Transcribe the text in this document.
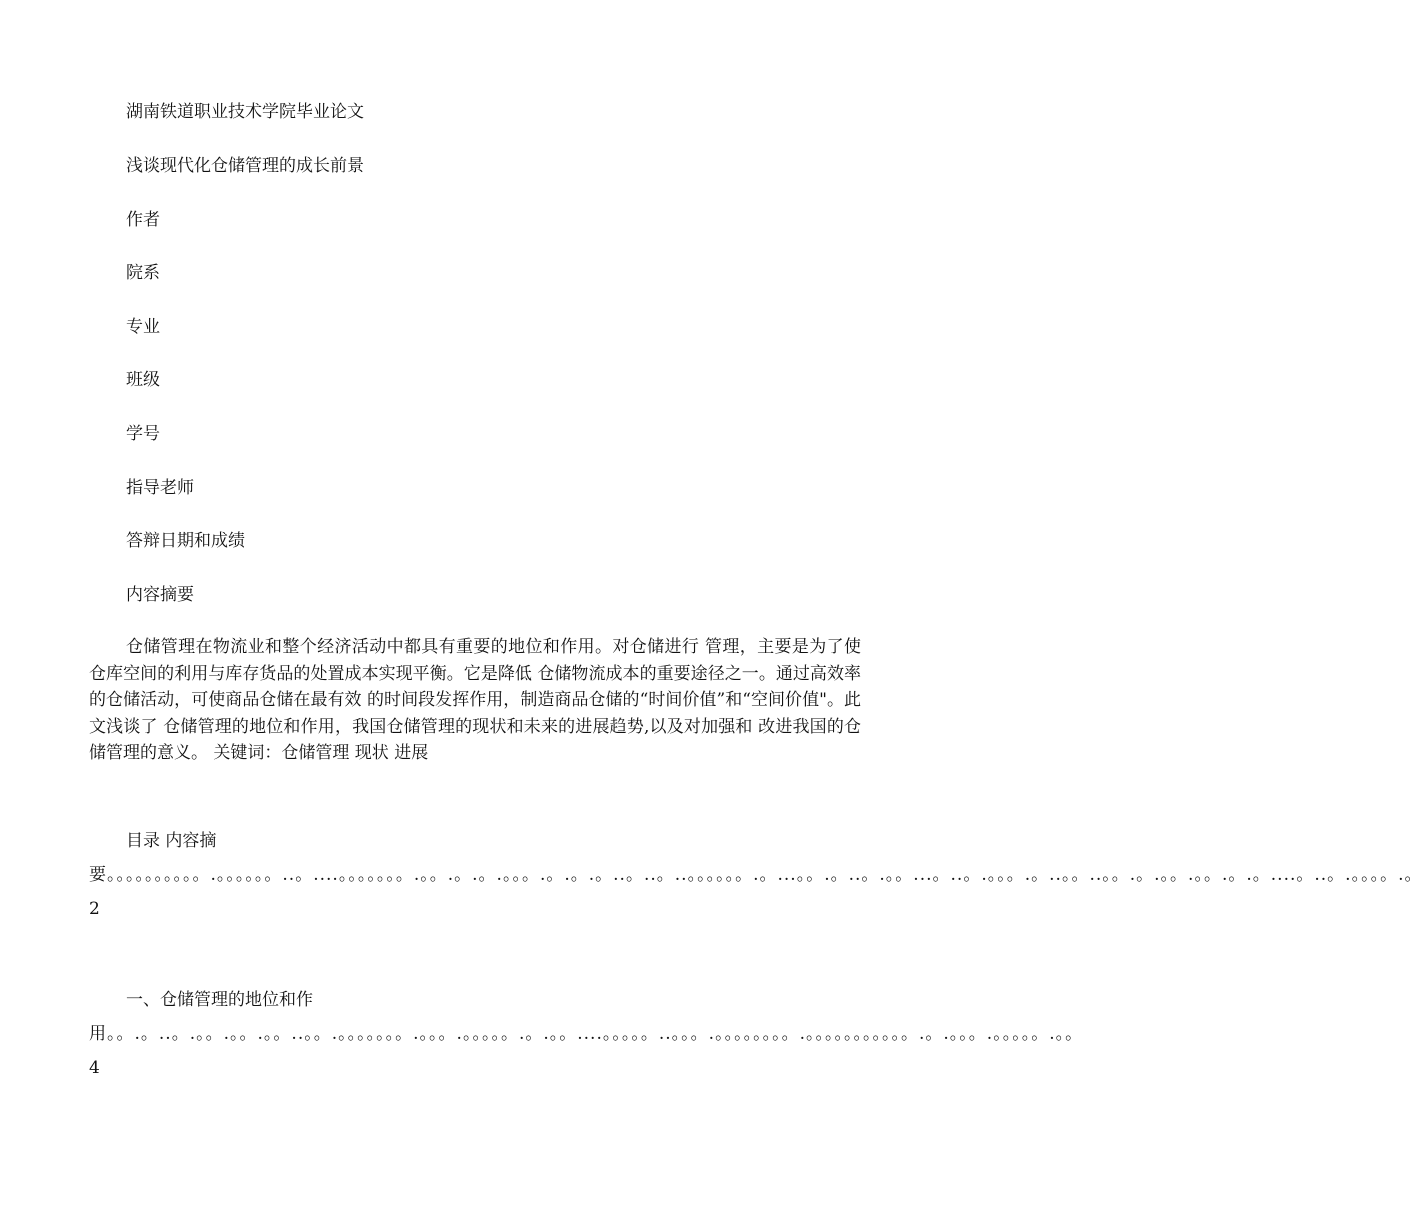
湖南铁道职业技术学院毕业论文
浅谈现代化仓储管理的成长前景
作者
院系
专业
班级
学号
指导老师
答辩日期和成绩
内容摘要
仓储管理在物流业和整个经济活动中都具有重要的地位和作用。对仓储进行 管理，主要是为了使仓库空间的利用与库存货品的处置成本实现平衡。它是降低 仓储物流成本的重要途径之一。通过高效率的仓储活动，可使商品仓储在最有效 的时间段发挥作用，制造商品仓储的“时间价值”和“空间价值"。此文浅谈了 仓储管理的地位和作用，我国仓储管理的现状和未来的进展趋势,以及对加强和 改进我国的仓储管理的意义。 关键词：仓储管理 现状 进展
目录 内容摘
要。。。。。。。。。。.。。。。。。..。....。。。。。。。.。。.。.。.。。。.。.。.。..。..。..。。。。。。.。...。。.。..。.。。...。..。.。。。.。..。。..。。.。.。。.。。.。.。....。..。.。。。。.。
2
一、仓储管理的地位和作
用。。.。..。.。。.。。.。。..。。.。。。。。。。.。。。.。。。。。.。.。。....。。。。。..。。。.。。。。。。。。.。。。。。。。。。。。.。.。。。.。。。。。.。。 4
